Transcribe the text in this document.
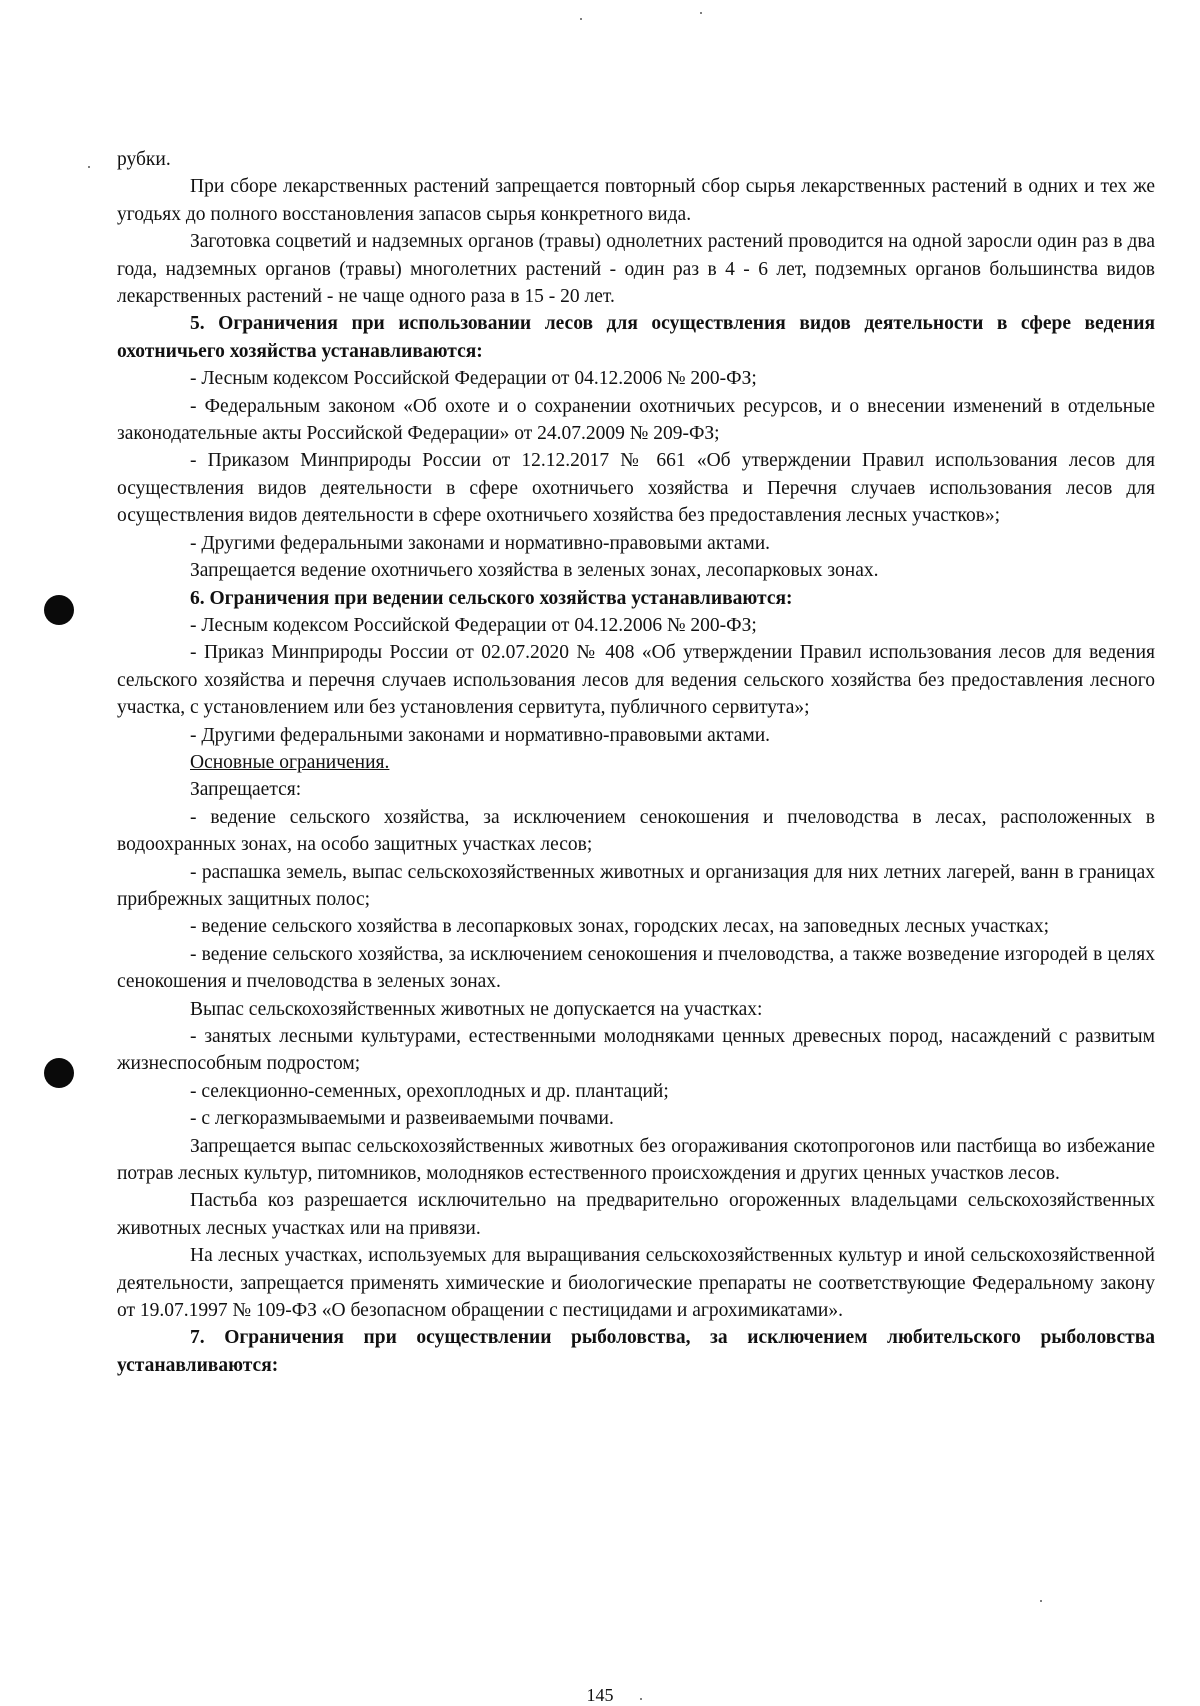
рубки.

При сборе лекарственных растений запрещается повторный сбор сырья лекарственных растений в одних и тех же угодьях до полного восстановления запасов сырья конкретного вида.

Заготовка соцветий и надземных органов (травы) однолетних растений проводится на одной заросли один раз в два года, надземных органов (травы) многолетних растений - один раз в 4 - 6 лет, подземных органов большинства видов лекарственных растений - не чаще одного раза в 15 - 20 лет.

5. Ограничения при использовании лесов для осуществления видов деятельности в сфере ведения охотничьего хозяйства устанавливаются:

- Лесным кодексом Российской Федерации от 04.12.2006 № 200-ФЗ;

- Федеральным законом «Об охоте и о сохранении охотничьих ресурсов, и о внесении изменений в отдельные законодательные акты Российской Федерации» от 24.07.2009 № 209-ФЗ;

- Приказом Минприроды России от 12.12.2017 № 661 «Об утверждении Правил использования лесов для осуществления видов деятельности в сфере охотничьего хозяйства и Перечня случаев использования лесов для осуществления видов деятельности в сфере охотничьего хозяйства без предоставления лесных участков»;

- Другими федеральными законами и нормативно-правовыми актами.

Запрещается ведение охотничьего хозяйства в зеленых зонах, лесопарковых зонах.

6. Ограничения при ведении сельского хозяйства устанавливаются:

- Лесным кодексом Российской Федерации от 04.12.2006 № 200-ФЗ;

- Приказ Минприроды России от 02.07.2020 № 408 «Об утверждении Правил использования лесов для ведения сельского хозяйства и перечня случаев использования лесов для ведения сельского хозяйства без предоставления лесного участка, с установлением или без установления сервитута, публичного сервитута»;

- Другими федеральными законами и нормативно-правовыми актами.

Основные ограничения.

Запрещается:

- ведение сельского хозяйства, за исключением сенокошения и пчеловодства в лесах, расположенных в водоохранных зонах, на особо защитных участках лесов;

- распашка земель, выпас сельскохозяйственных животных и организация для них летних лагерей, ванн в границах прибрежных защитных полос;

- ведение сельского хозяйства в лесопарковых зонах, городских лесах, на заповедных лесных участках;

- ведение сельского хозяйства, за исключением сенокошения и пчеловодства, а также возведение изгородей в целях сенокошения и пчеловодства в зеленых зонах.

Выпас сельскохозяйственных животных не допускается на участках:

- занятых лесными культурами, естественными молодняками ценных древесных пород, насаждений с развитым жизнеспособным подростом;

- селекционно-семенных, орехоплодных и др. плантаций;

- с легкоразмываемыми и развеиваемыми почвами.

Запрещается выпас сельскохозяйственных животных без огораживания скотопрогонов или пастбища во избежание потрав лесных культур, питомников, молодняков естественного происхождения и других ценных участков лесов.

Пастьба коз разрешается исключительно на предварительно огороженных владельцами сельскохозяйственных животных лесных участках или на привязи.

На лесных участках, используемых для выращивания сельскохозяйственных культур и иной сельскохозяйственной деятельности, запрещается применять химические и биологические препараты не соответствующие Федеральному закону от 19.07.1997 № 109-ФЗ «О безопасном обращении с пестицидами и агрохимикатами».

7. Ограничения при осуществлении рыболовства, за исключением любительского рыболовства устанавливаются:

145
